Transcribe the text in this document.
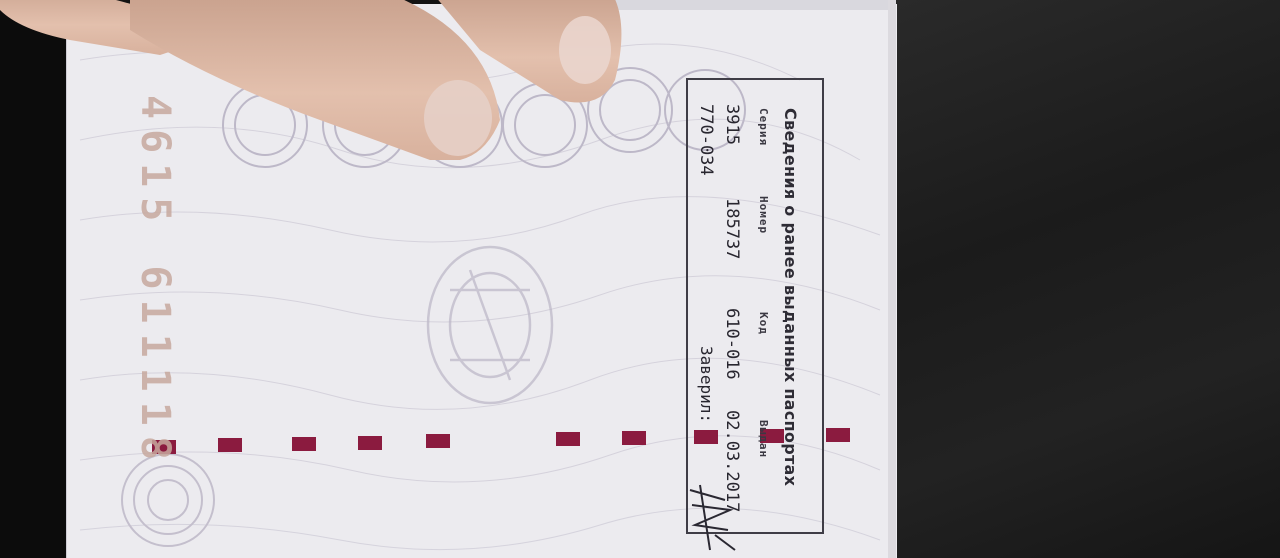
4615 611118	Сведения о ранее выданных паспортах
Серия
3915
770-034
Номер
185737
Код
610-016
Выдан
02.03.2017
Заверил:
